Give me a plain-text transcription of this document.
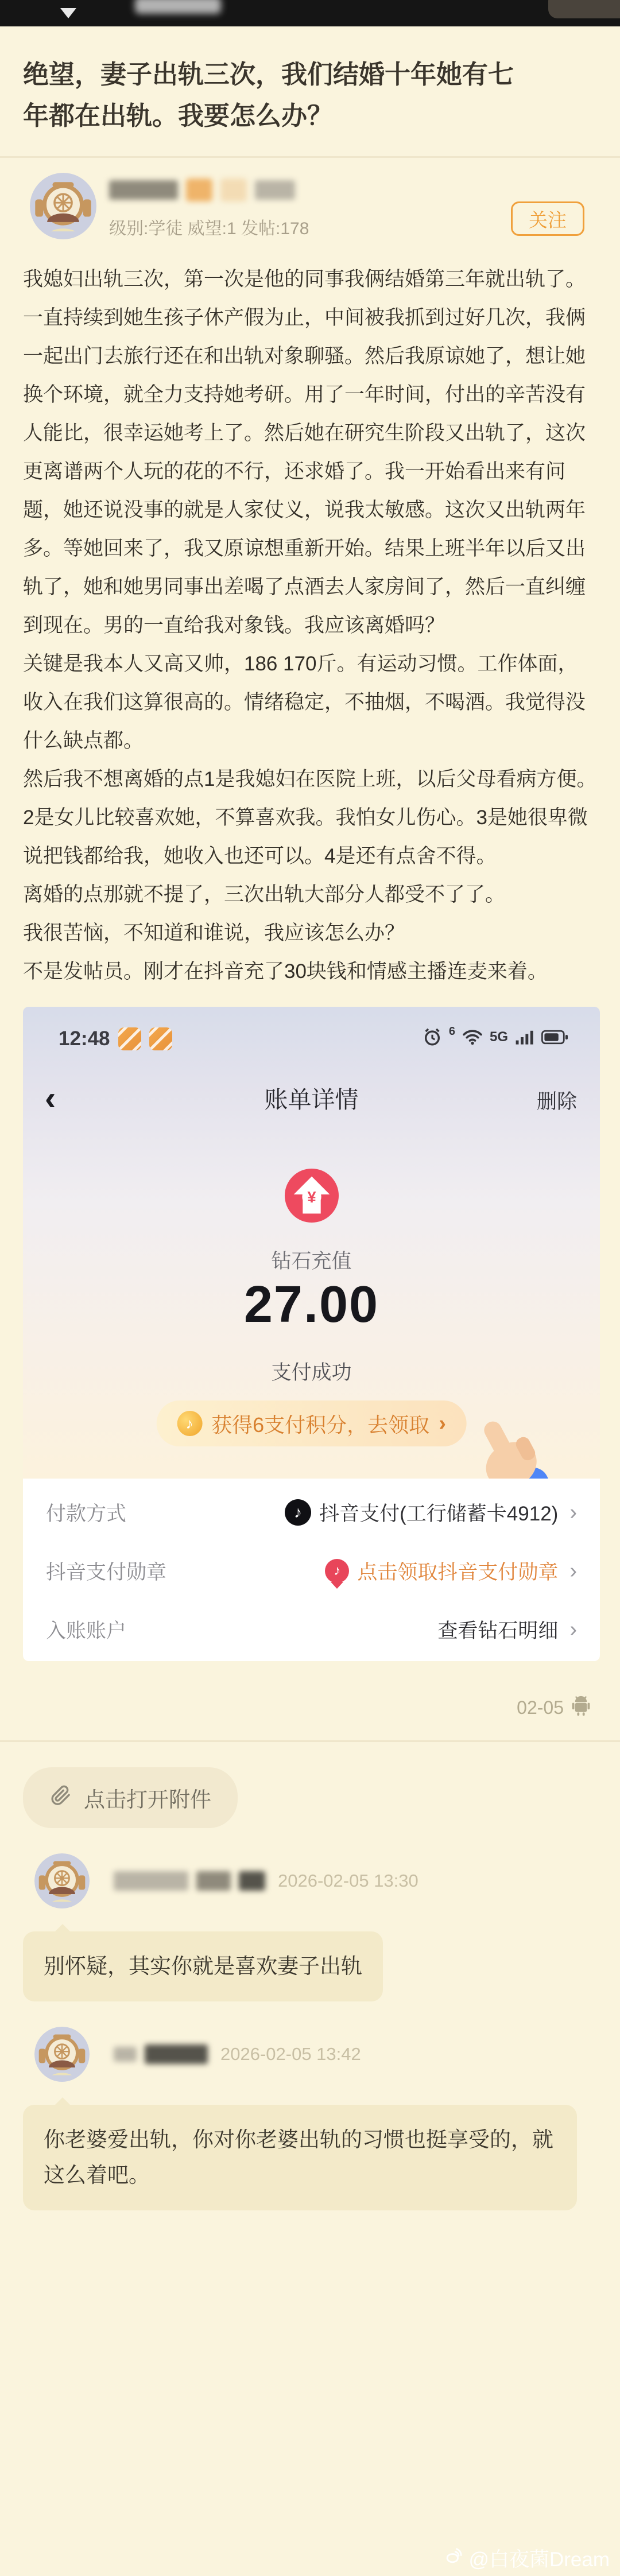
绝望，妻子出轨三次，我们结婚十年她有七年都在出轨。我要怎么办？
级别:学徒 威望:1 发帖:178	关注

我媳妇出轨三次，第一次是他的同事我俩结婚第三年就出轨了。一直持续到她生孩子休产假为止，中间被我抓到过好几次，我俩一起出门去旅行还在和出轨对象聊骚。然后我原谅她了，想让她换个环境，就全力支持她考研。用了一年时间，付出的辛苦没有人能比，很幸运她考上了。然后她在研究生阶段又出轨了，这次更离谱两个人玩的花的不行，还求婚了。我一开始看出来有问题，她还说没事的就是人家仗义，说我太敏感。这次又出轨两年多。等她回来了，我又原谅想重新开始。结果上班半年以后又出轨了，她和她男同事出差喝了点酒去人家房间了，然后一直纠缠到现在。男的一直给我对象钱。我应该离婚吗？

关键是我本人又高又帅，186 170斤。有运动习惯。工作体面，收入在我们这算很高的。情绪稳定，不抽烟，不喝酒。我觉得没什么缺点都。

然后我不想离婚的点1是我媳妇在医院上班，以后父母看病方便。2是女儿比较喜欢她，不算喜欢我。我怕女儿伤心。3是她很卑微说把钱都给我，她收入也还可以。4是还有点舍不得。

离婚的点那就不提了，三次出轨大部分人都受不了了。

我很苦恼，不知道和谁说，我应该怎么办？

不是发帖员。刚才在抖音充了30块钱和情感主播连麦来着。

12:48	6	5G
‹	账单详情	删除
¥
钻石充值
27.00
支付成功
♪ 获得6支付积分，去领取 ›
付款方式	♪ 抖音支付(工行储蓄卡4912) ›
抖音支付勋章	♪ 点击领取抖音支付勋章 ›
入账账户	查看钻石明细 ›
02-05
点击打开附件
2026-02-05 13:30
别怀疑，其实你就是喜欢妻子出轨
2026-02-05 13:42
你老婆爱出轨，你对你老婆出轨的习惯也挺享受的，就这么着吧。
@白夜菌Dream
